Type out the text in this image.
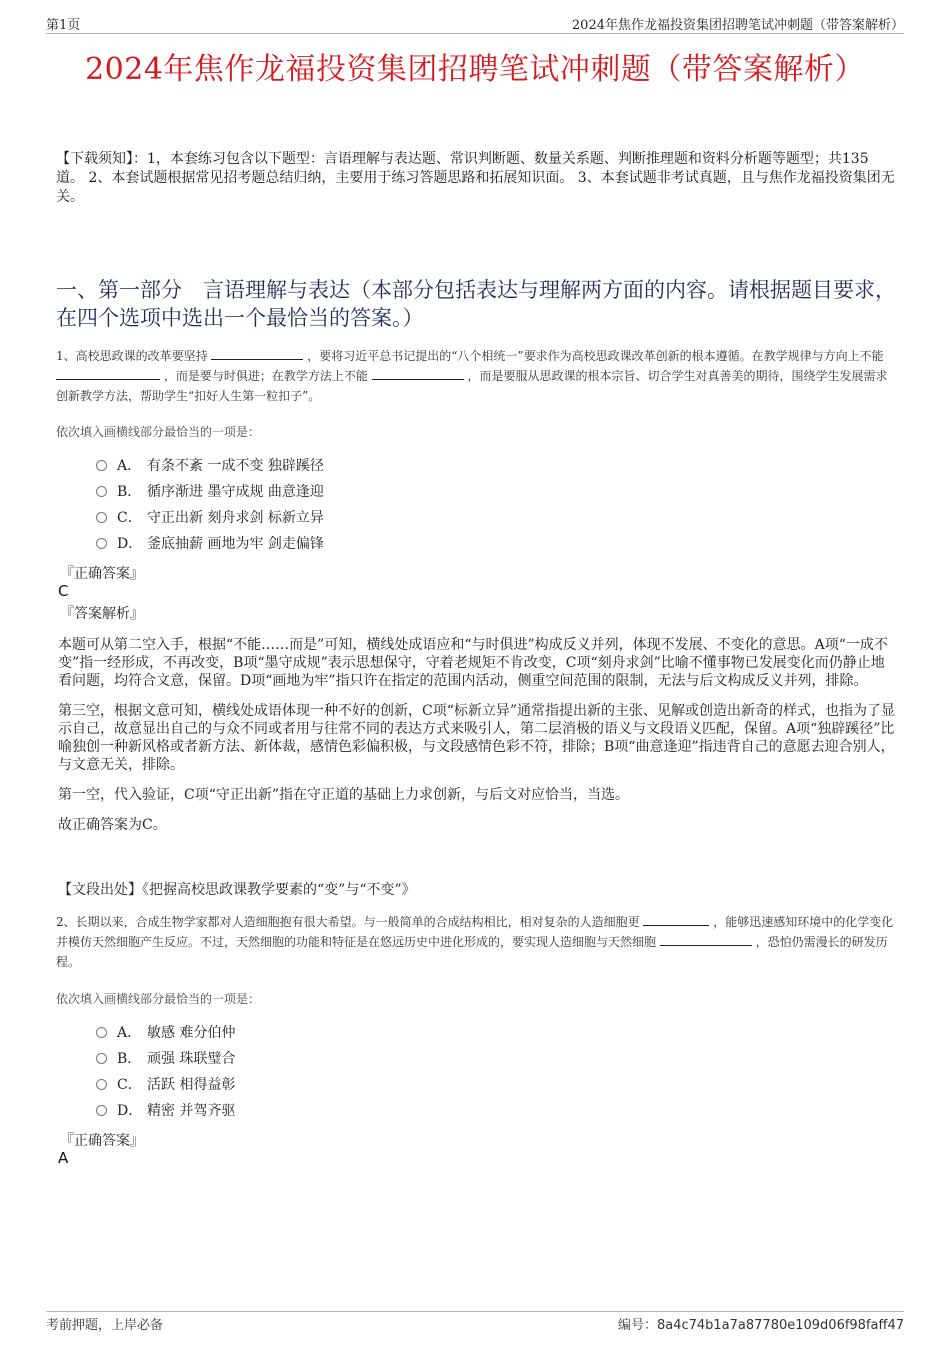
第1页	2024年焦作龙福投资集团招聘笔试冲刺题（带答案解析）
2024年焦作龙福投资集团招聘笔试冲刺题（带答案解析）
【下载须知】：1，本套练习包含以下题型：言语理解与表达题、常识判断题、数量关系题、判断推理题和资料分析题等题型；共135道。 2、本套试题根据常见招考题总结归纳，主要用于练习答题思路和拓展知识面。 3、本套试题非考试真题，且与焦作龙福投资集团无关。
一、第一部分　言语理解与表达（本部分包括表达与理解两方面的内容。请根据题目要求，在四个选项中选出一个最恰当的答案。）
1、高校思政课的改革要坚持	，要将习近平总书记提出的“八个相统一”要求作为高校思政课改革创新的根本遵循。在教学规律与方向上不能  ，而是要与时俱进；在教学方法上不能	，而是要服从思政课的根本宗旨、切合学生对真善美的期待，围绕学生发展需求创新教学方法，帮助学生“扣好人生第一粒扣子”。
依次填入画横线部分最恰当的一项是：
A． 有条不紊 一成不变 独辟蹊径
B． 循序渐进 墨守成规 曲意逢迎
C． 守正出新 刻舟求剑 标新立异
D． 釜底抽薪 画地为牢 剑走偏锋
『正确答案』
C
『答案解析』

本题可从第二空入手，根据“不能……而是”可知，横线处成语应和“与时俱进”构成反义并列，体现不发展、不变化的意思。A项“一成不变”指一经形成，不再改变，B项“墨守成规”表示思想保守，守着老规矩不肯改变，C项“刻舟求剑”比喻不懂事物已发展变化而仍静止地看问题，均符合文意，保留。D项“画地为牢”指只许在指定的范围内活动，侧重空间范围的限制，无法与后文构成反义并列，排除。

第三空，根据文意可知，横线处成语体现一种不好的创新，C项“标新立异”通常指提出新的主张、见解或创造出新奇的样式，也指为了显示自己，故意显出自己的与众不同或者用与往常不同的表达方式来吸引人，第二层消极的语义与文段语义匹配，保留。A项“独辟蹊径”比喻独创一种新风格或者新方法、新体裁，感情色彩偏积极，与文段感情色彩不符，排除；B项“曲意逢迎”指违背自己的意愿去迎合别人，与文意无关，排除。

第一空，代入验证，C项“守正出新”指在守正道的基础上力求创新，与后文对应恰当，当选。

故正确答案为C。

【文段出处】《把握高校思政课教学要素的“变”与“不变”》
2、长期以来，合成生物学家都对人造细胞抱有很大希望。与一般简单的合成结构相比，相对复杂的人造细胞更	，能够迅速感知环境中的化学变化并模仿天然细胞产生反应。不过，天然细胞的功能和特征是在悠远历史中进化形成的，要实现人造细胞与天然细胞	，恐怕仍需漫长的研发历程。
依次填入画横线部分最恰当的一项是：
A． 敏感 难分伯仲
B． 顽强 珠联璧合
C． 活跃 相得益彰
D． 精密 并驾齐驱
『正确答案』
A
考前押题，上岸必备	编号：8a4c74b1a7a87780e109d06f98faff47
